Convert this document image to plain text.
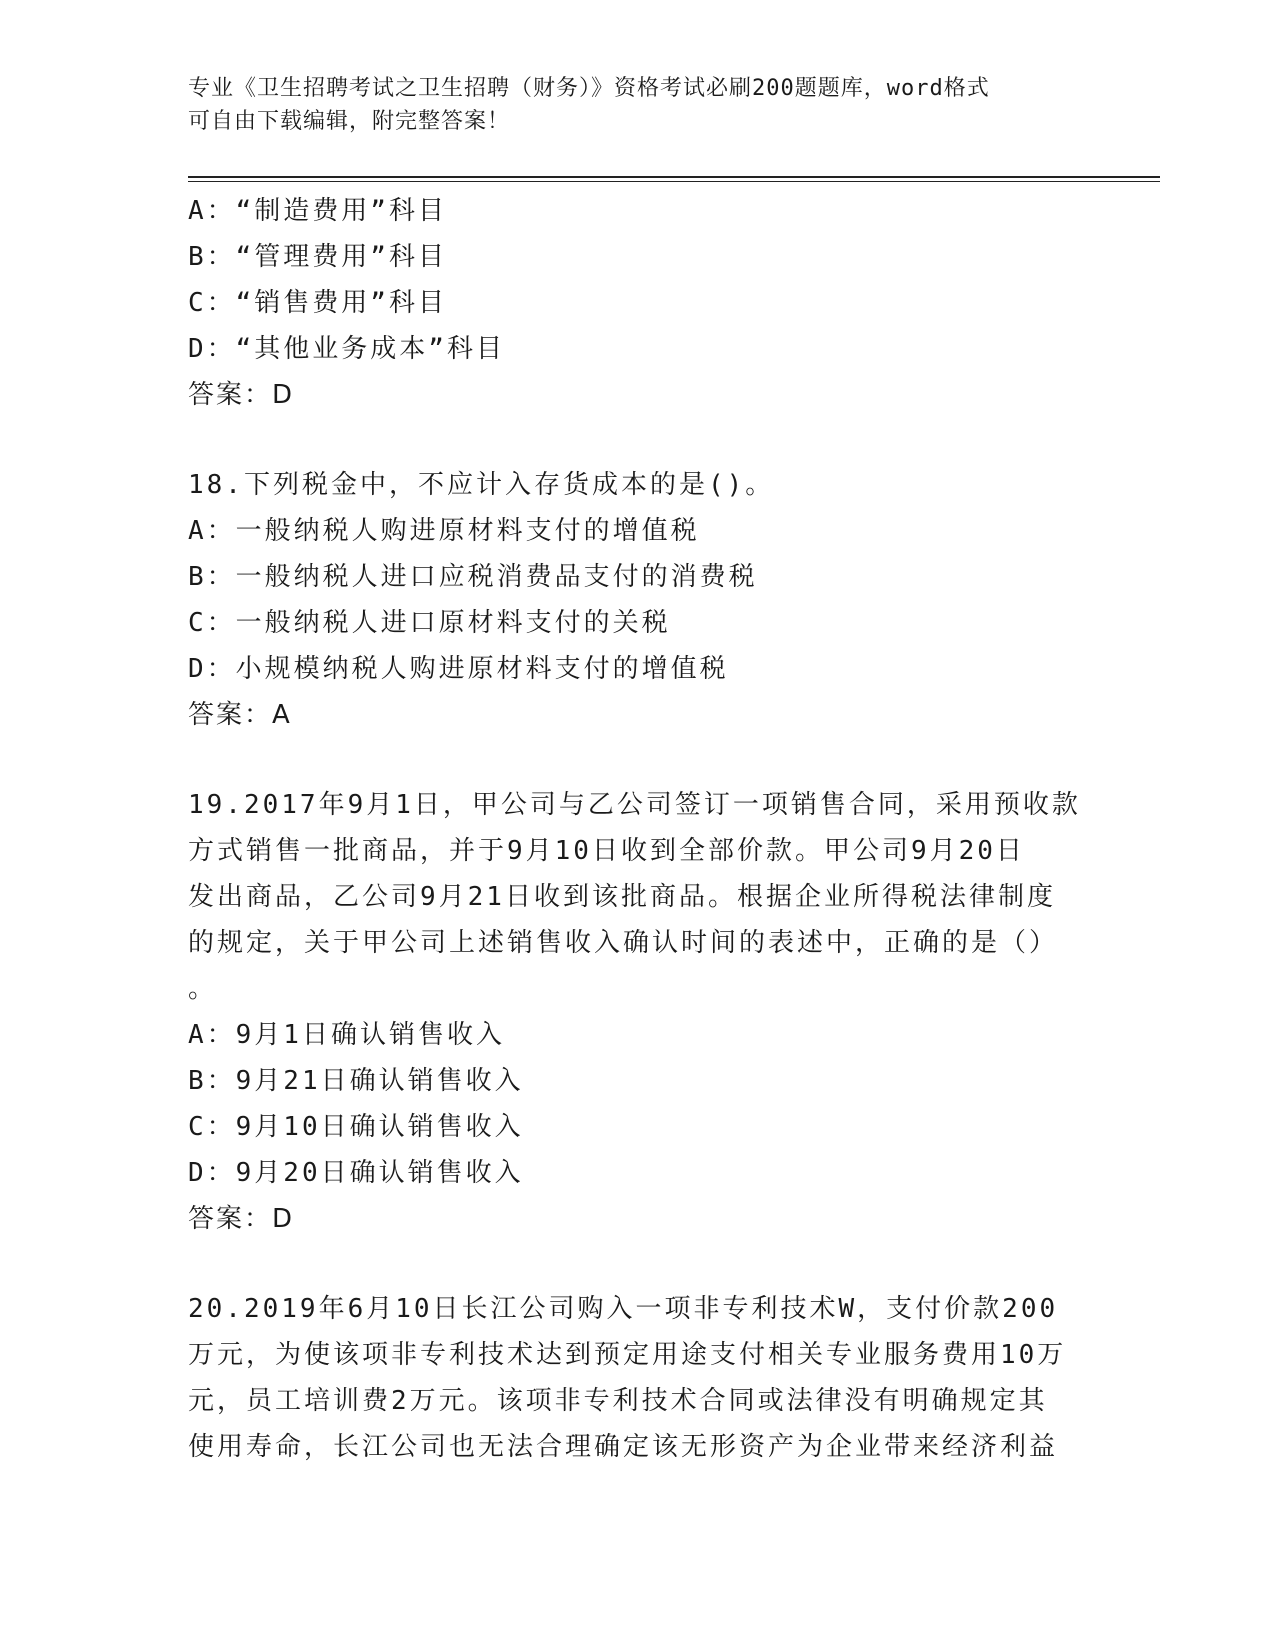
专业《卫生招聘考试之卫生招聘（财务）》资格考试必刷200题题库，word格式
可自由下载编辑，附完整答案！
A：“制造费用”科目
B：“管理费用”科目
C：“销售费用”科目
D：“其他业务成本”科目
答案：D
18.下列税金中，不应计入存货成本的是()。
A：一般纳税人购进原材料支付的增值税
B：一般纳税人进口应税消费品支付的消费税
C：一般纳税人进口原材料支付的关税
D：小规模纳税人购进原材料支付的增值税
答案：A
19.2017年9月1日，甲公司与乙公司签订一项销售合同，采用预收款
方式销售一批商品，并于9月10日收到全部价款。甲公司9月20日
发出商品，乙公司9月21日收到该批商品。根据企业所得税法律制度
的规定，关于甲公司上述销售收入确认时间的表述中，正确的是（）
。
A：9月1日确认销售收入
B：9月21日确认销售收入
C：9月10日确认销售收入
D：9月20日确认销售收入
答案：D
20.2019年6月10日长江公司购入一项非专利技术W，支付价款200
万元，为使该项非专利技术达到预定用途支付相关专业服务费用10万
元，员工培训费2万元。该项非专利技术合同或法律没有明确规定其
使用寿命，长江公司也无法合理确定该无形资产为企业带来经济利益
